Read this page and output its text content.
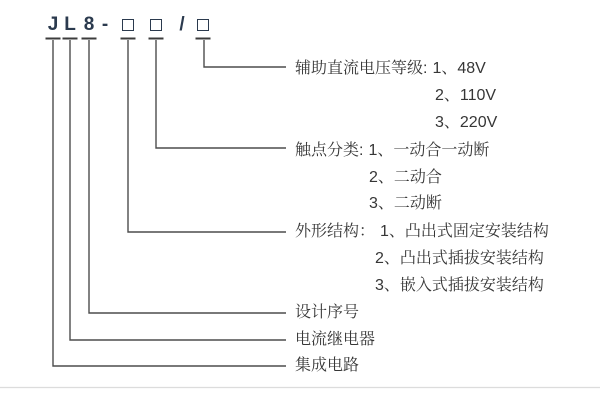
J L 8 -	/
辅助直流电压等级: 1、48V
2、110V
3、220V
触点分类: 1、一动合一动断
2、二动合
3、二动断
外形结构： 1、凸出式固定安装结构
2、凸出式插拔安装结构
3、嵌入式插拔安装结构
设计序号
电流继电器
集成电路
